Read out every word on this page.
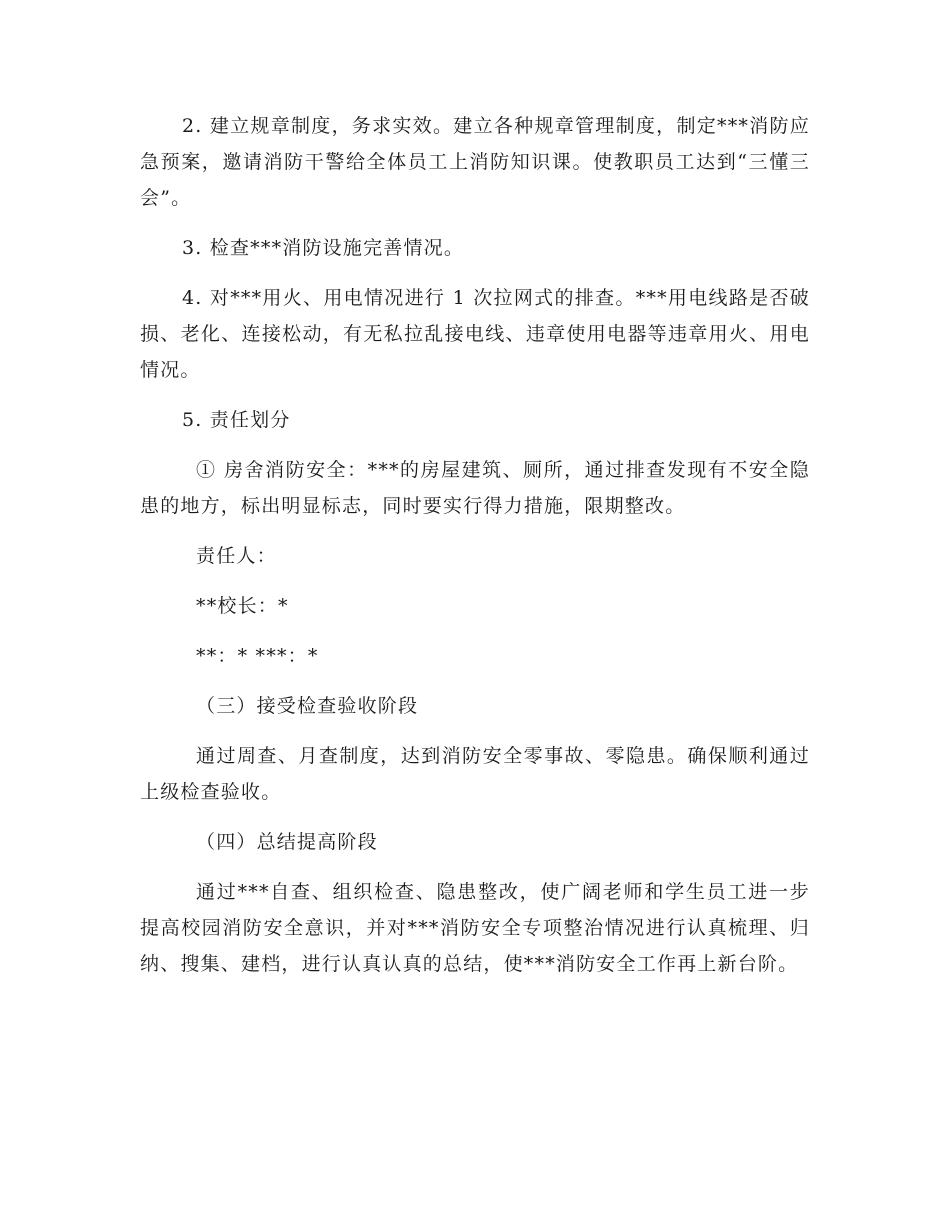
2. 建立规章制度，务求实效。建立各种规章管理制度，制定***消防应急预案，邀请消防干警给全体员工上消防知识课。使教职员工达到“三懂三会”。

3. 检查***消防设施完善情况。

4. 对***用火、用电情况进行 1 次拉网式的排查。***用电线路是否破损、老化、连接松动，有无私拉乱接电线、违章使用电器等违章用火、用电情况。

5. 责任划分

① 房舍消防安全：***的房屋建筑、厕所，通过排查发现有不安全隐患的地方，标出明显标志，同时要实行得力措施，限期整改。

责任人：

**校长：*

**：* ***：*

（三）接受检查验收阶段

通过周查、月查制度，达到消防安全零事故、零隐患。确保顺利通过上级检查验收。

（四）总结提高阶段

通过***自查、组织检查、隐患整改，使广阔老师和学生员工进一步提高校园消防安全意识，并对***消防安全专项整治情况进行认真梳理、归纳、搜集、建档，进行认真认真的总结，使***消防安全工作再上新台阶。
